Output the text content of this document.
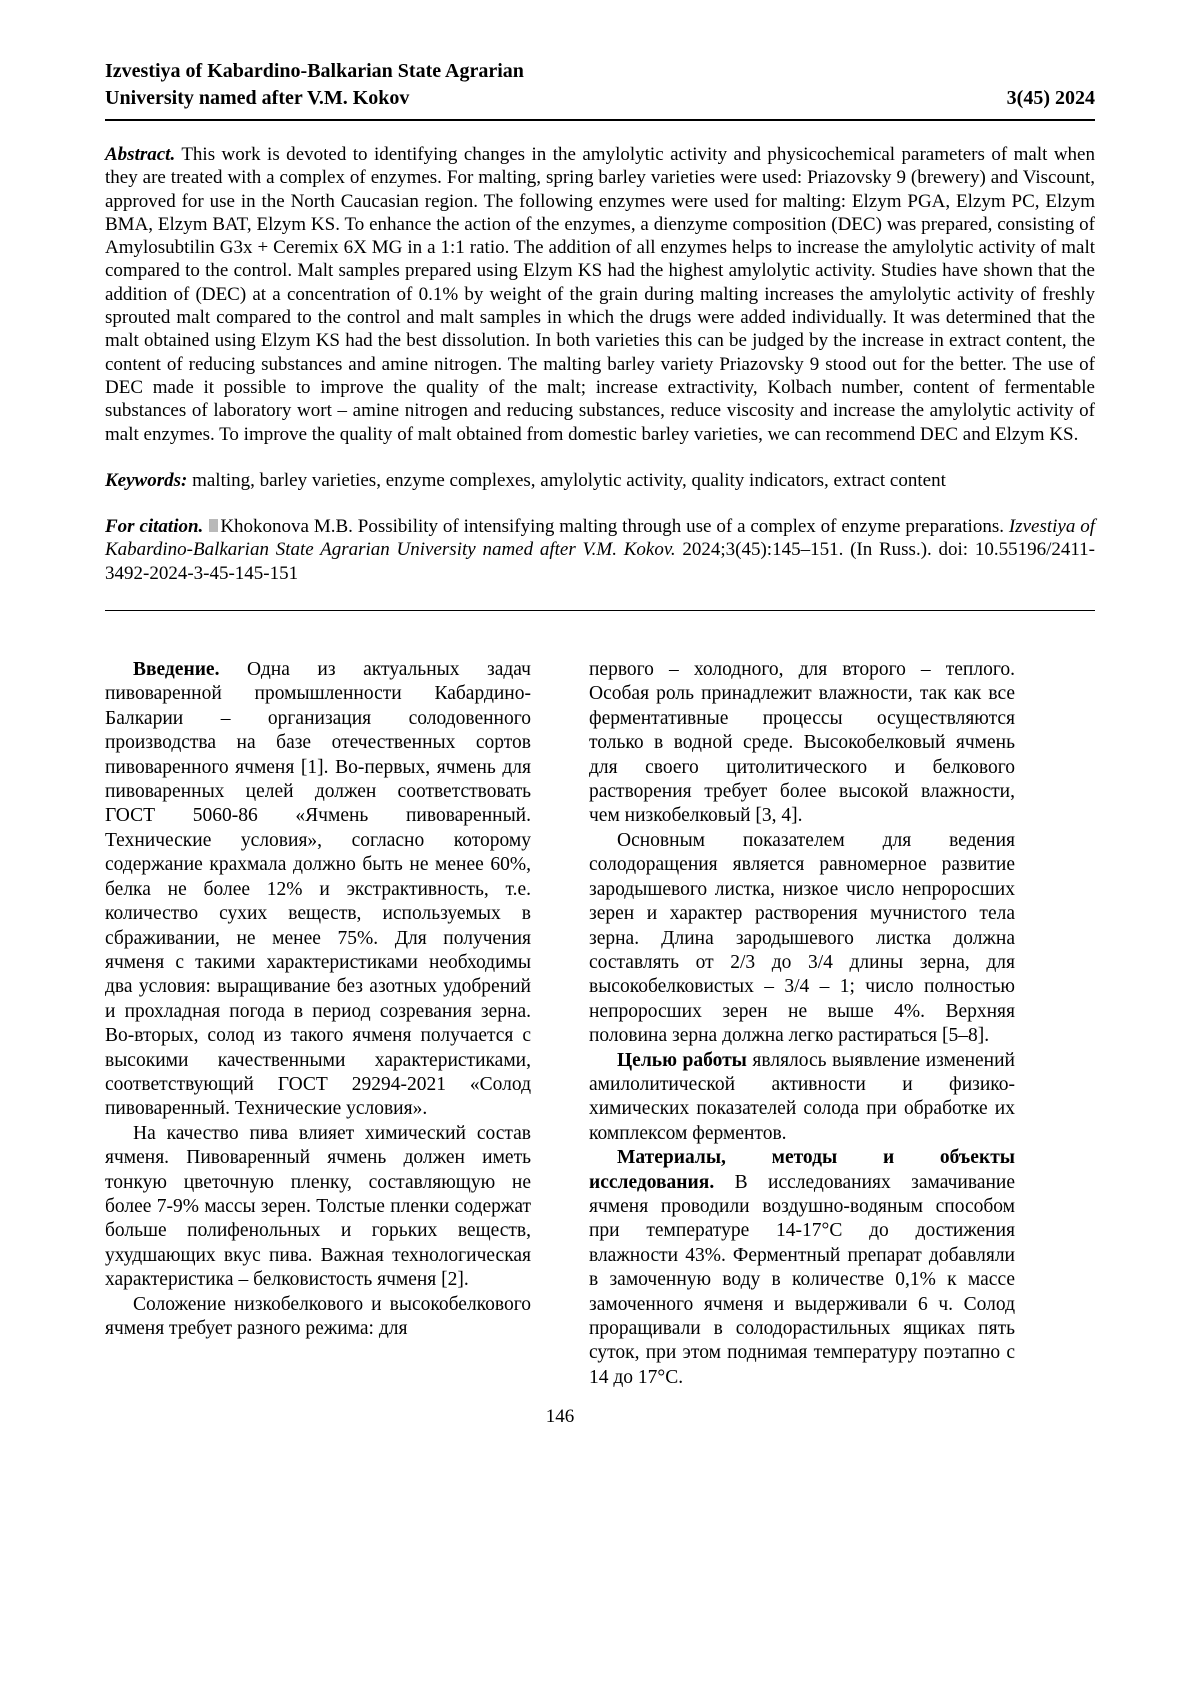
Izvestiya of Kabardino-Balkarian State Agrarian
University named after V.M. Kokov	3(45) 2024

Abstract. This work is devoted to identifying changes in the amylolytic activity and physicochemical parameters of malt when they are treated with a complex of enzymes. For malting, spring barley varieties were used: Priazovsky 9 (brewery) and Viscount, approved for use in the North Caucasian region. The following enzymes were used for malting: Elzym PGA, Elzym PC, Elzym BMA, Elzym BAT, Elzym KS. To enhance the action of the enzymes, a dienzyme composition (DEC) was prepared, consisting of Amylosubtilin G3x + Ceremix 6X MG in a 1:1 ratio. The addition of all enzymes helps to increase the amylolytic activity of malt compared to the control. Malt samples prepared using Elzym KS had the highest amylolytic activity. Studies have shown that the addition of (DEC) at a concentration of 0.1% by weight of the grain during malting increases the amylolytic activity of freshly sprouted malt compared to the control and malt samples in which the drugs were added individually. It was determined that the malt obtained using Elzym KS had the best dissolution. In both varieties this can be judged by the increase in extract content, the content of reducing substances and amine nitrogen. The malting barley variety Priazovsky 9 stood out for the better. The use of DEC made it possible to improve the quality of the malt; increase extractivity, Kolbach number, content of fermentable substances of laboratory wort – amine nitrogen and reducing substances, reduce viscosity and increase the amylolytic activity of malt enzymes. To improve the quality of malt obtained from domestic barley varieties, we can recommend DEC and Elzym KS.

Keywords: malting, barley varieties, enzyme complexes, amylolytic activity, quality indicators, extract content

For citation. Khokonova M.B. Possibility of intensifying malting through use of a complex of enzyme preparations. Izvestiya of Kabardino-Balkarian State Agrarian University named after V.M. Kokov. 2024;3(45):145–151. (In Russ.). doi: 10.55196/2411-3492-2024-3-45-145-151

Введение. Одна из актуальных задач пивоваренной промышленности Кабардино-Балкарии – организация солодовенного производства на базе отечественных сортов пивоваренного ячменя [1]. Во-первых, ячмень для пивоваренных целей должен соответствовать ГОСТ 5060-86 «Ячмень пивоваренный. Технические условия», согласно которому содержание крахмала должно быть не менее 60%, белка не более 12% и экстрактивность, т.е. количество сухих веществ, используемых в сбраживании, не менее 75%. Для получения ячменя с такими характеристиками необходимы два условия: выращивание без азотных удобрений и прохладная погода в период созревания зерна. Во-вторых, солод из такого ячменя получается с высокими качественными характеристиками, соответствующий ГОСТ 29294-2021 «Солод пивоваренный. Технические условия».

На качество пива влияет химический состав ячменя. Пивоваренный ячмень должен иметь тонкую цветочную пленку, составляющую не более 7-9% массы зерен. Толстые пленки содержат больше полифенольных и горьких веществ, ухудшающих вкус пива. Важная технологическая характеристика – белковистость ячменя [2].

Соложение низкобелкового и высокобелкового ячменя требует разного режима: для

первого – холодного, для второго – теплого. Особая роль принадлежит влажности, так как все ферментативные процессы осуществляются только в водной среде. Высокобелковый ячмень для своего цитолитического и белкового растворения требует более высокой влажности, чем низкобелковый [3, 4].

Основным показателем для ведения солодоращения является равномерное развитие зародышевого листка, низкое число непроросших зерен и характер растворения мучнистого тела зерна. Длина зародышевого листка должна составлять от 2/3 до 3/4 длины зерна, для высокобелковистых – 3/4 – 1; число полностью непроросших зерен не выше 4%. Верхняя половина зерна должна легко растираться [5–8].

Целью работы являлось выявление изменений амилолитической активности и физико-химических показателей солода при обработке их комплексом ферментов.

Материалы, методы и объекты исследования. В исследованиях замачивание ячменя проводили воздушно-водяным способом при температуре 14-17°С до достижения влажности 43%. Ферментный препарат добавляли в замоченную воду в количестве 0,1% к массе замоченного ячменя и выдерживали 6 ч. Солод проращивали в солодорастильных ящиках пять суток, при этом поднимая температуру поэтапно с 14 до 17°С.

146
